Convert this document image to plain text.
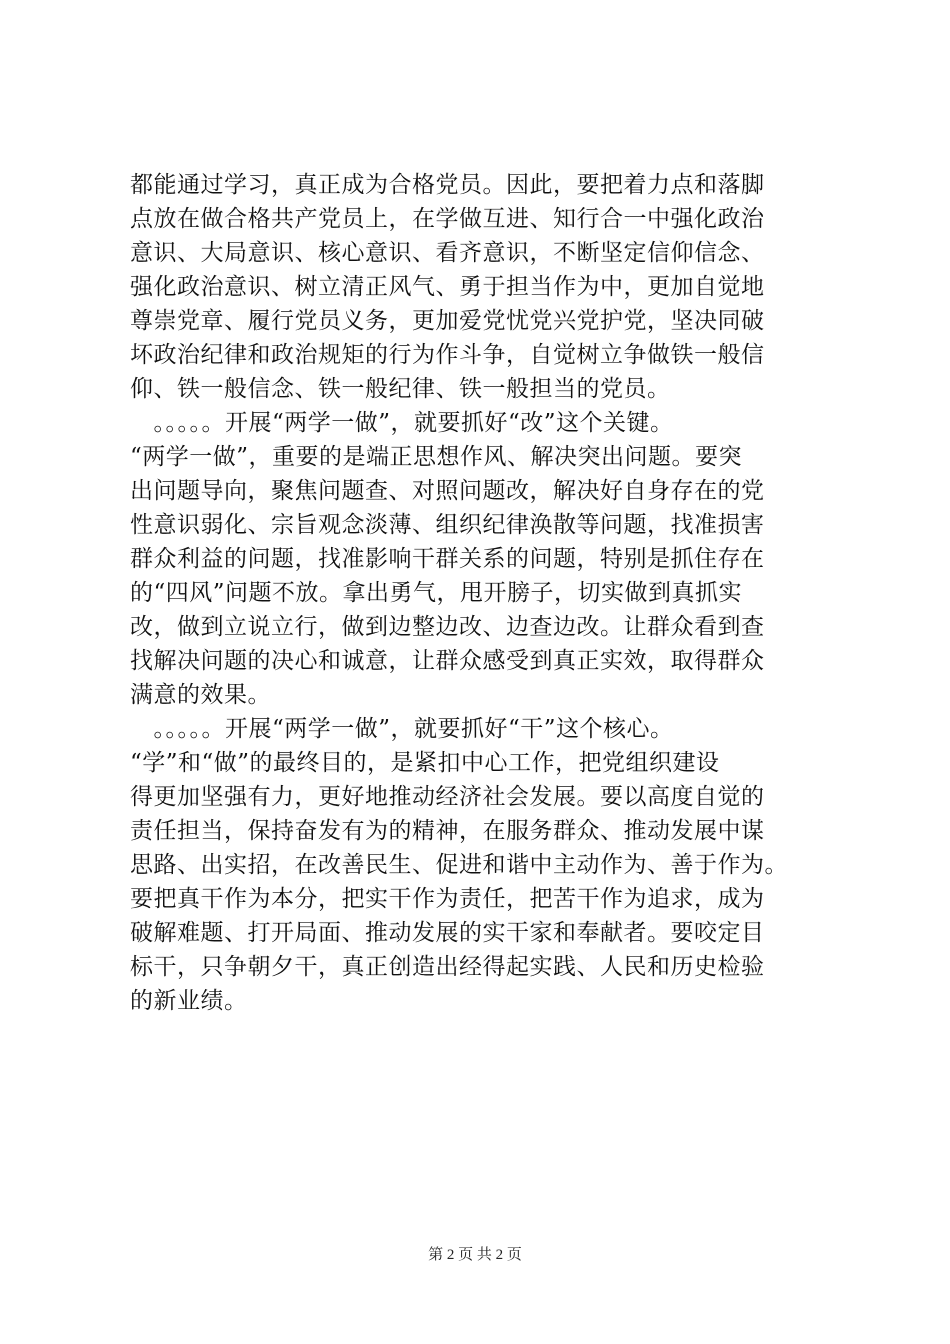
都能通过学习，真正成为合格党员。因此，要把着力点和落脚
点放在做合格共产党员上，在学做互进、知行合一中强化政治
意识、大局意识、核心意识、看齐意识，不断坚定信仰信念、
强化政治意识、树立清正风气、勇于担当作为中，更加自觉地
尊崇党章、履行党员义务，更加爱党忧党兴党护党，坚决同破
坏政治纪律和政治规矩的行为作斗争，自觉树立争做铁一般信
仰、铁一般信念、铁一般纪律、铁一般担当的党员。
　。。。。。开展“两学一做”，就要抓好“改”这个关键。
“两学一做”，重要的是端正思想作风、解决突出问题。要突
出问题导向，聚焦问题查、对照问题改，解决好自身存在的党
性意识弱化、宗旨观念淡薄、组织纪律涣散等问题，找准损害
群众利益的问题，找准影响干群关系的问题，特别是抓住存在
的“四风”问题不放。拿出勇气，甩开膀子，切实做到真抓实
改，做到立说立行，做到边整边改、边查边改。让群众看到查
找解决问题的决心和诚意，让群众感受到真正实效，取得群众
满意的效果。
　。。。。。开展“两学一做”，就要抓好“干”这个核心。
“学”和“做”的最终目的，是紧扣中心工作，把党组织建设
得更加坚强有力，更好地推动经济社会发展。要以高度自觉的
责任担当，保持奋发有为的精神，在服务群众、推动发展中谋
思路、出实招，在改善民生、促进和谐中主动作为、善于作为。
要把真干作为本分，把实干作为责任，把苦干作为追求，成为
破解难题、打开局面、推动发展的实干家和奉献者。要咬定目
标干，只争朝夕干，真正创造出经得起实践、人民和历史检验
的新业绩。
第 2 页 共 2 页
